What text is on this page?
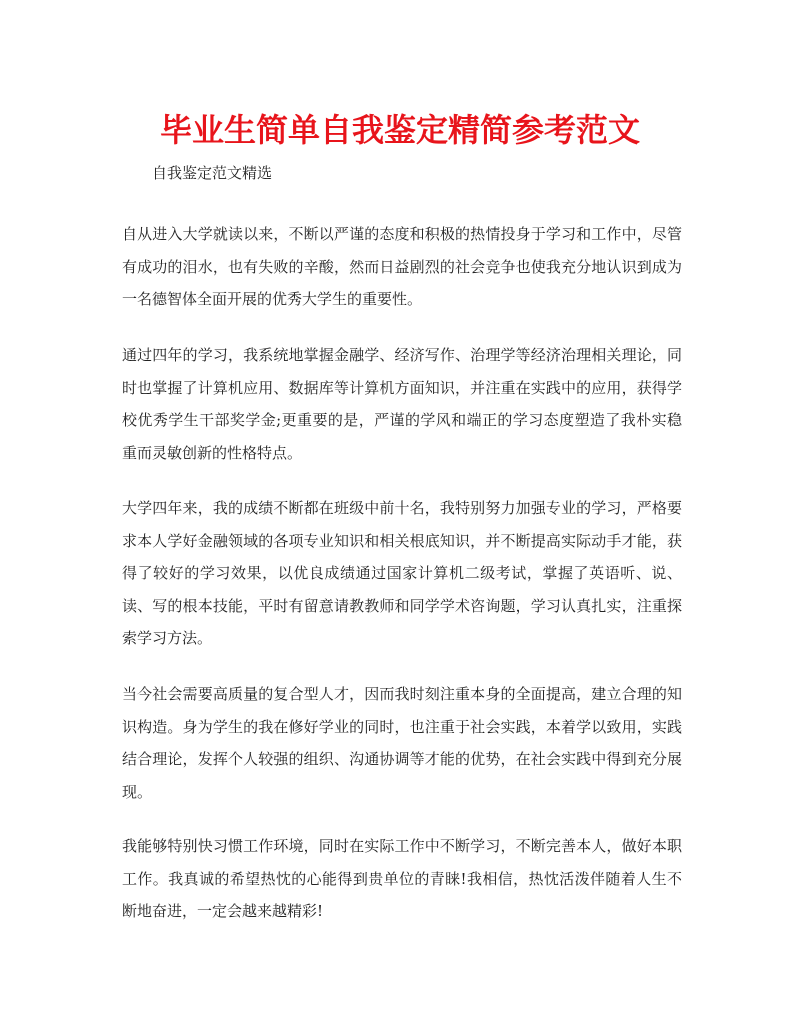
毕业生简单自我鉴定精简参考范文

自我鉴定范文精选

自从进入大学就读以来，不断以严谨的态度和积极的热情投身于学习和工作中，尽管有成功的泪水，也有失败的辛酸，然而日益剧烈的社会竞争也使我充分地认识到成为一名德智体全面开展的优秀大学生的重要性。

通过四年的学习，我系统地掌握金融学、经济写作、治理学等经济治理相关理论，同时也掌握了计算机应用、数据库等计算机方面知识，并注重在实践中的应用，获得学校优秀学生干部奖学金;更重要的是，严谨的学风和端正的学习态度塑造了我朴实稳重而灵敏创新的性格特点。

大学四年来，我的成绩不断都在班级中前十名，我特别努力加强专业的学习，严格要求本人学好金融领域的各项专业知识和相关根底知识，并不断提高实际动手才能，获得了较好的学习效果，以优良成绩通过国家计算机二级考试，掌握了英语听、说、读、写的根本技能，平时有留意请教教师和同学学术咨询题，学习认真扎实，注重探索学习方法。

当今社会需要高质量的复合型人才，因而我时刻注重本身的全面提高，建立合理的知识构造。身为学生的我在修好学业的同时，也注重于社会实践，本着学以致用，实践结合理论，发挥个人较强的组织、沟通协调等才能的优势，在社会实践中得到充分展现。

我能够特别快习惯工作环境，同时在实际工作中不断学习，不断完善本人，做好本职工作。我真诚的希望热忱的心能得到贵单位的青睐!我相信，热忱活泼伴随着人生不断地奋进，一定会越来越精彩!
